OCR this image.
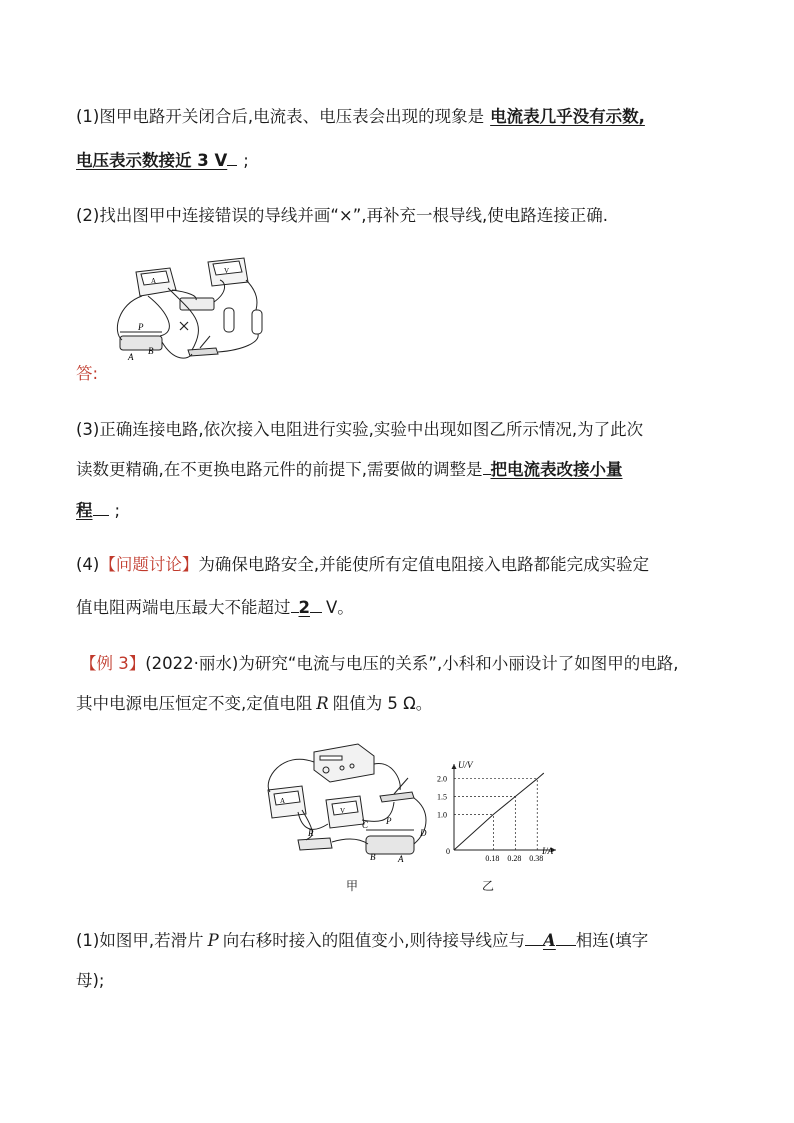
(1)图甲电路开关闭合后,电流表、电压表会出现的现象是 电流表几乎没有示数,
电压表示数接近 3 V ;
(2)找出图甲中连接错误的导线并画“×”,再补充一根导线,使电路连接正确.
A
V
P
A
B
答:
(3)正确连接电路,依次接入电阻进行实验,实验中出现如图乙所示情况,为了此次
读数更精确,在不更换电路元件的前提下,需要做的调整是 把电流表改接小量
程 ;
(4)【问题讨论】为确保电路安全,并能使所有定值电阻接入电路都能完成实验定
值电阻两端电压最大不能超过 2 V。
【例 3】(2022·丽水)为研究“电流与电压的关系”,小科和小丽设计了如图甲的电路,
其中电源电压恒定不变,定值电阻 R 阻值为 5 Ω。
A
V
R
C P
D
B	A
U/V
I/A
0
0.18
1.0
0.28
1.5
0.38
2.0
甲	乙
(1)如图甲,若滑片 P 向右移时接入的阻值变小,则待接导线应与 A 相连(填字
母);
